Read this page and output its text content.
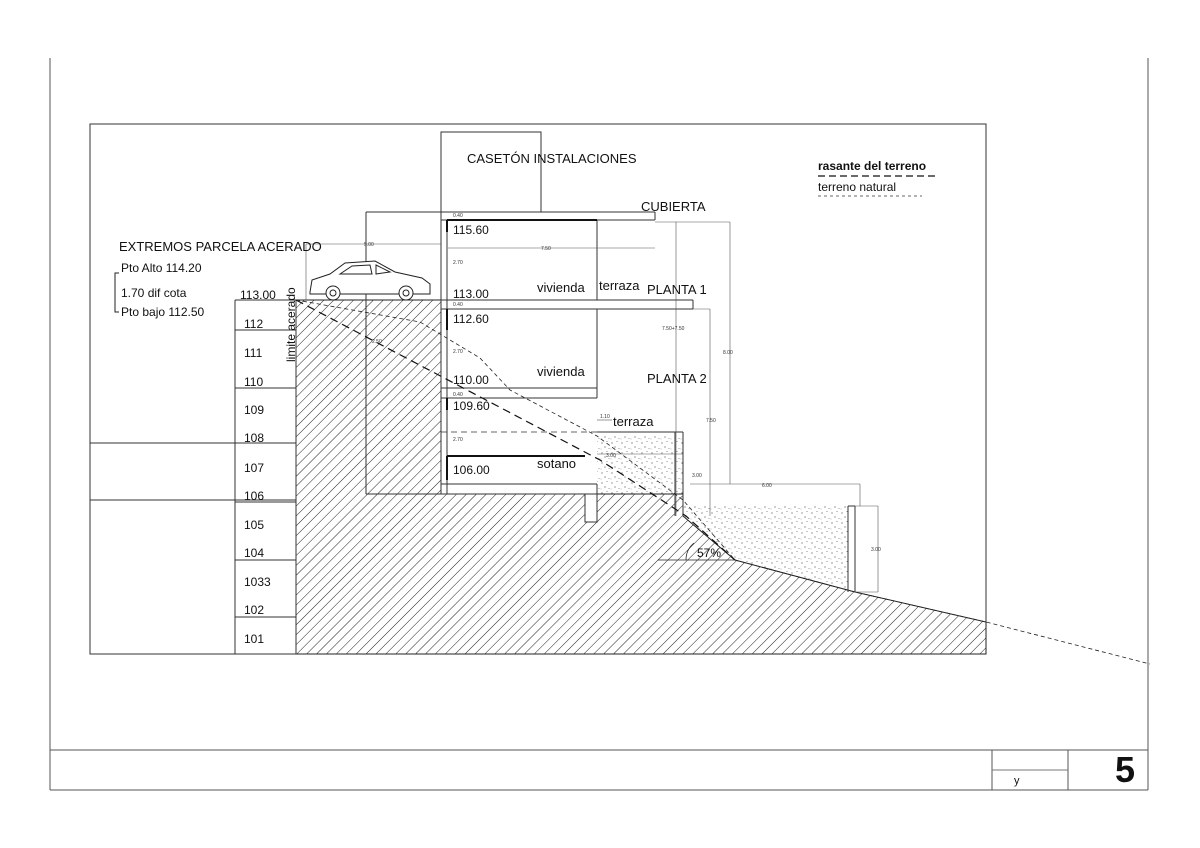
y	5
113.00
112
111
110
109
108
107
106
105
104
1033
102
101
limite acerado
CASETÓN INSTALACIONES
CUBIERTA
PLANTA 1
PLANTA 2
vivienda
vivienda
terraza
terraza
sotano
EXTREMOS PARCELA ACERADO
Pto Alto 114.20
1.70 dif cota
Pto bajo 112.50
57%
rasante del terreno
terreno natural
115.60
113.00
112.60
110.00
109.60
106.00
0.40
2.70
0.40
2.70
0.40
2.70
5.00
7.50
7.50+7.50
8.00
7.50
1.10
3.00
3.00
6.00
3.00
2.50
